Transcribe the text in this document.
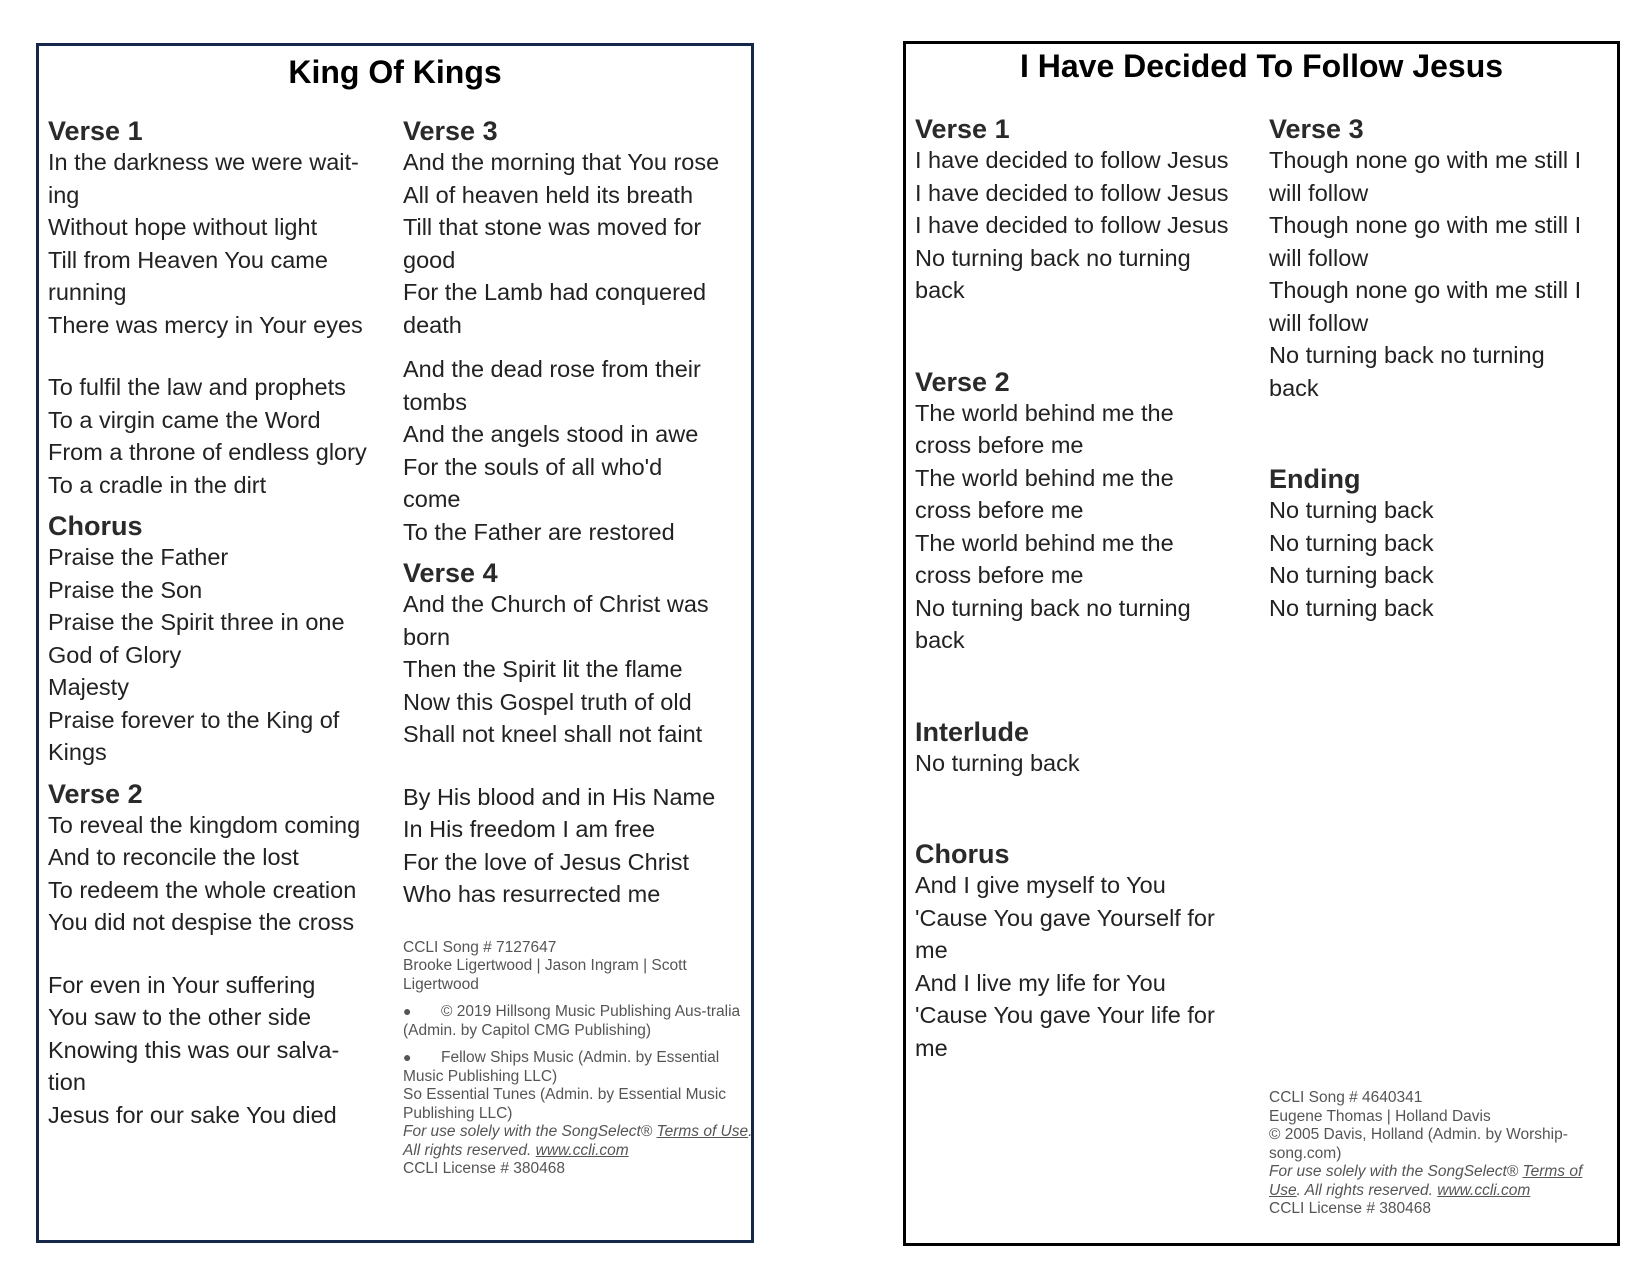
King Of Kings
Verse 1
In the darkness we were wait-
ing
Without hope without light
Till from Heaven You came
running
There was mercy in Your eyes
To fulfil the law and prophets
To a virgin came the Word
From a throne of endless glory
To a cradle in the dirt
Chorus
Praise the Father
Praise the Son
Praise the Spirit three in one
God of Glory
Majesty
Praise forever to the King of
Kings
Verse 2
To reveal the kingdom coming
And to reconcile the lost
To redeem the whole creation
You did not despise the cross
For even in Your suffering
You saw to the other side
Knowing this was our salva-
tion
Jesus for our sake You died
Verse 3
And the morning that You rose
All of heaven held its breath
Till that stone was moved for
good
For the Lamb had conquered
death
And the dead rose from their
tombs
And the angels stood in awe
For the souls of all who'd
come
To the Father are restored
Verse 4
And the Church of Christ was
born
Then the Spirit lit the flame
Now this Gospel truth of old
Shall not kneel shall not faint
By His blood and in His Name
In His freedom I am free
For the love of Jesus Christ
Who has resurrected me
CCLI Song # 7127647
Brooke Ligertwood | Jason Ingram | Scott Ligertwood
● © 2019 Hillsong Music Publishing Aus-tralia (Admin. by Capitol CMG Publishing)
● Fellow Ships Music (Admin. by Essential Music Publishing LLC)
So Essential Tunes (Admin. by Essential Music Publishing LLC)
For use solely with the SongSelect® Terms of Use. All rights reserved. www.ccli.com
CCLI License # 380468
I Have Decided To Follow Jesus
Verse 1
I have decided to follow Jesus
I have decided to follow Jesus
I have decided to follow Jesus
No turning back no turning
back
Verse 2
The world behind me the
cross before me
The world behind me the
cross before me
The world behind me the
cross before me
No turning back no turning
back
Interlude
No turning back
Chorus
And I give myself to You
'Cause You gave Yourself for
me
And I live my life for You
'Cause You gave Your life for
me
Verse 3
Though none go with me still I
will follow
Though none go with me still I
will follow
Though none go with me still I
will follow
No turning back no turning
back
Ending
No turning back
No turning back
No turning back
No turning back
CCLI Song # 4640341
Eugene Thomas | Holland Davis
© 2005 Davis, Holland (Admin. by Worship-song.com)
For use solely with the SongSelect® Terms of Use. All rights reserved. www.ccli.com
CCLI License # 380468
